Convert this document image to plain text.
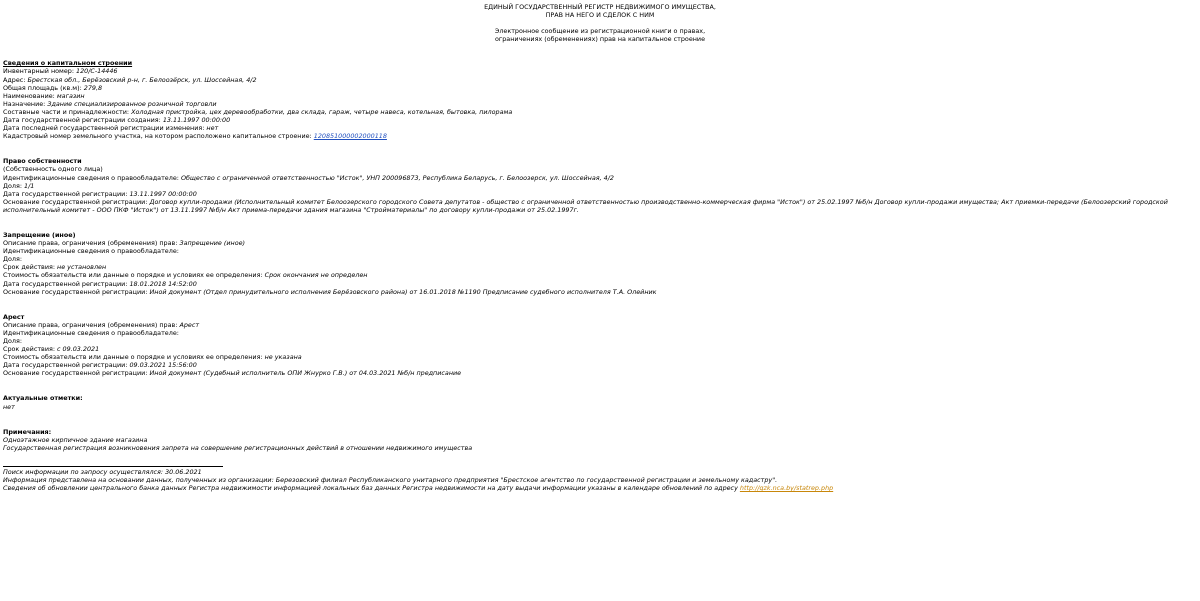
ЕДИНЫЙ ГОСУДАРСТВЕННЫЙ РЕГИСТР НЕДВИЖИМОГО ИМУЩЕСТВА,
ПРАВ НА НЕГО И СДЕЛОК С НИМ
Электронное сообщение из регистрационной книги о правах,
ограничениях (обременениях) прав на капитальное строение
Сведения о капитальном строении
Инвентарный номер: 120/C-14446
Адрес: Брестская обл., Берёзовский р-н, г. Белоозёрск, ул. Шоссейная, 4/2
Общая площадь (кв.м): 279,8
Наименование: магазин
Назначение: Здание специализированное розничной торговли
Составные части и принадлежности: Холодная пристройка, цех деревообработки, два склада, гараж, четыре навеса, котельная, бытовка, пилорама
Дата государственной регистрации создания: 13.11.1997 00:00:00
Дата последней государственной регистрации изменения: нет
Кадастровый номер земельного участка, на котором расположено капитальное строение: 120851000002000118
Право собственности
(Собственность одного лица)
Идентификационные сведения о правообладателе: Общество с ограниченной ответственностью "Исток", УНП 200096873, Республика Беларусь, г. Белоозерск, ул. Шоссейная, 4/2
Доля: 1/1
Дата государственной регистрации: 13.11.1997 00:00:00
Основание государственной регистрации: Договор купли-продажи (Исполнительный комитет Белоозерского городского Совета депутатов - общество с ограниченной ответственностью производственно-коммерческая фирма "Исток") от 25.02.1997 №б/н Договор купли-продажи имущества; Акт приемки-передачи (Белоозерский городской исполнительный комитет - ООО ПКФ "Исток") от 13.11.1997 №б/н Акт приема-передачи здания магазина "Стройматериалы" по договору купли-продажи от 25.02.1997г.
Запрещение (иное)
Описание права, ограничения (обременения) прав: Запрещение (иное)
Идентификационные сведения о правообладателе:
Доля:
Срок действия: не установлен
Стоимость обязательств или данные о порядке и условиях ее определения: Срок окончания не определен
Дата государственной регистрации: 18.01.2018 14:52:00
Основание государственной регистрации: Иной документ (Отдел принудительного исполнения Берёзовского района) от 16.01.2018 №1190 Предписание судебного исполнителя Т.А. Олейник
Арест
Описание права, ограничения (обременения) прав: Арест
Идентификационные сведения о правообладателе:
Доля:
Срок действия: с 09.03.2021
Стоимость обязательств или данные о порядке и условиях ее определения: не указана
Дата государственной регистрации: 09.03.2021 15:56:00
Основание государственной регистрации: Иной документ (Судебный исполнитель ОПИ Жнурко Г.В.) от 04.03.2021 №б/н предписание
Актуальные отметки:
нет
Примечания:
Одноэтажное кирпичное здание магазина
Государственная регистрация возникновения запрета на совершение регистрационных действий в отношении недвижимого имущества
Поиск информации по запросу осуществлялся: 30.06.2021
Информация представлена на основании данных, полученных из организации: Березовский филиал Республиканского унитарного предприятия "Брестское агентство по государственной регистрации и земельному кадастру".
Сведения об обновлении центрального банка данных Регистра недвижимости информацией локальных баз данных Регистра недвижимости на дату выдачи информации указаны в календаре обновлений по адресу http://gzk.nca.by/statrep.php
